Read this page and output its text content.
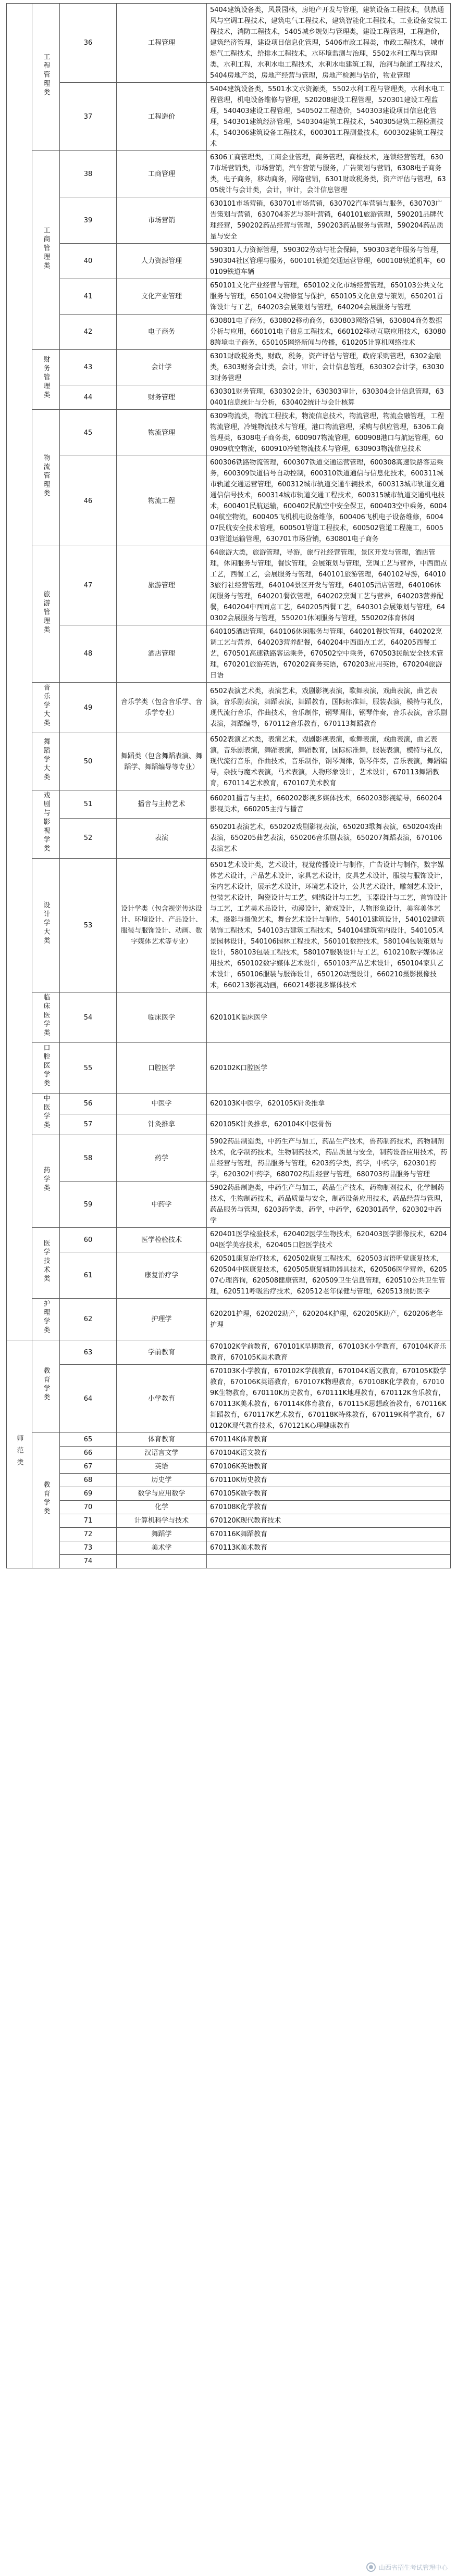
	工程管理类	36	工程管理	5404建筑设备类，风景园林，房地产开发与管理，建筑设备工程技术，供热通风与空调工程技术，建筑电气工程技术，建筑智能化工程技术，工业设备安装工程技术，消防工程技术，5405城乡规划与管理类，建设工程管理，工程造价，建筑经济管理，建设项目信息化管理，5406市政工程类，市政工程技术，城市燃气工程技术，给排水工程技术，水环境监测与治理，5502水利工程与管理类，水利工程，水利水电工程技术，水利水电建筑工程，治河与航道工程技术，5404房地产类，房地产经营与管理，房地产检测与估价，物业管理
		37	工程造价	5404建筑设备类，5501水文水资源类，5502水利工程与管理类，水利水电工程管理，机电设备维修与管理，520208建设工程管理，520301建设工程监理，540403建设工程管理，540502工程造价，540303建设项目信息化管理，540301建筑经济管理，540304建筑工程技术，540305建筑工程检测技术，540306建筑设备工程技术，600301工程测量技术，600302建筑工程技术
	工商管理类	38	工商管理	6306工商管理类，工商企业管理，商务管理，商检技术，连锁经营管理，6307市场营销类，市场营销，汽车营销与服务，广告策划与营销，6308电子商务类，电子商务，移动商务，网络营销，6301财政税务类，资产评估与管理，6305统计与会计类，会计，审计，会计信息管理
		39	市场营销	630101市场营销，630701市场营销，630702汽车营销与服务，630703广告策划与营销，630704茶艺与茶叶营销，640101旅游管理，590201品牌代理经营，590202药品经营与管理，590203药品服务与管理，590204药品质量与安全
		40	人力资源管理	590301人力资源管理，590302劳动与社会保障，590303老年服务与管理，590304社区管理与服务，600101铁道交通运营管理，600108铁道机车，600109铁道车辆
		41	文化产业管理	650101文化产业经营与管理，650102文化市场经营管理，650103公共文化服务与管理，650104文物修复与保护，650105文化创意与策划，650201首饰设计与工艺，640203会展策划与管理，640204会展服务与管理
		42	电子商务	630801电子商务，630802移动商务，630803网络营销，630804商务数据分析与应用，660101电子信息工程技术，660102移动互联应用技术，630808跨境电子商务，650105网络新闻与传播，610205计算机网络技术
	财务管理类	43	会计学	6301财政税务类，财政，税务，资产评估与管理，政府采购管理，6302金融类，6303财务会计类，会计，审计，会计信息管理，630302会计学，630303财务管理
		44	财务管理	630301财务管理，630302会计，630303审计，630304会计信息管理，630401信息统计与分析，630402统计与会计核算
	物流管理类	45	物流管理	6309物流类，物流工程技术，物流信息技术，物流管理，物流金融管理，工程物流管理，冷链物流技术与管理，港口物流管理，采购与供应管理，6306工商管理类，6308电子商务类，600907物流管理，600908港口与航运管理，600909航空物流，600910冷链物流技术与管理，630903物流信息技术
		46	物流工程	600306铁路物流管理，600307铁道交通运营管理，600308高速铁路客运乘务，600309铁道信号自动控制，600310铁道通信与信息化技术，600311城市轨道交通运营管理，600312城市轨道交通车辆技术，600313城市轨道交通通信信号技术，600314城市轨道交通工程技术，600315城市轨道交通机电技术，600401民航运输，600402民航空中安全保卫，600403空中乘务，600404航空物流，600405飞机机电设备维修，600406飞机电子设备维修，600407民航安全技术管理，600501管道工程技术，600502管道工程施工，600503管道运输管理，630701市场营销，630801电子商务
	旅游管理类	47	旅游管理	64旅游大类，旅游管理，导游，旅行社经营管理，景区开发与管理，酒店管理，休闲服务与管理，餐饮管理，会展策划与管理，烹调工艺与营养，中西面点工艺，西餐工艺，会展服务与管理，640101旅游管理，640102导游，640103旅行社经营管理，640104景区开发与管理，640105酒店管理，640106休闲服务与管理，640201餐饮管理，640202烹调工艺与营养，640203营养配餐，640204中西面点工艺，640205西餐工艺，640301会展策划与管理，640302会展服务与管理，550201休闲服务与管理，550202体育休闲
		48	酒店管理	640105酒店管理，640106休闲服务与管理，640201餐饮管理，640202烹调工艺与营养，640203营养配餐，640204中西面点工艺，640205西餐工艺，670501高速铁路客运乘务，670502空中乘务，670503民航安全技术管理，670201旅游英语，670202商务英语，670203应用英语，670204旅游日语
	音乐学大类	49	音乐学类（包含音乐学、音乐学专业）	6502表演艺术类，表演艺术，戏剧影视表演，歌舞表演，戏曲表演，曲艺表演，音乐剧表演，舞蹈表演，舞蹈教育，国际标准舞，服装表演，模特与礼仪，现代流行音乐，作曲技术，音乐制作，钢琴调律，钢琴伴奏，音乐表演，音乐剧表演，舞蹈编导，670112音乐教育，670113舞蹈教育
	舞蹈学大类	50	舞蹈类（包含舞蹈表演、舞蹈学、舞蹈编导等专业）	6502表演艺术类，表演艺术，戏剧影视表演，歌舞表演，戏曲表演，曲艺表演，音乐剧表演，舞蹈表演，舞蹈教育，国际标准舞，服装表演，模特与礼仪，现代流行音乐，作曲技术，音乐制作，钢琴调律，钢琴伴奏，音乐表演，舞蹈编导，杂技与魔术表演，马术表演，人物形象设计，艺术设计，670113舞蹈教育，670114艺术教育，670107美术教育
	戏剧与影视学类	51	播音与主持艺术	660201播音与主持，660202影视多媒体技术，660203影视编导，660204影视美术，660205主持与播音
		52	表演	650201表演艺术，650202戏剧影视表演，650203歌舞表演，650204戏曲表演，650205曲艺表演，650206音乐剧表演，650207舞蹈表演，670106表演艺术
	设计学大类	53	设计学类（包含视觉传达设计、环境设计、产品设计、服装与服饰设计、动画、数字媒体艺术等专业）	6501艺术设计类，艺术设计，视觉传播设计与制作，广告设计与制作，数字媒体艺术设计，产品艺术设计，家具艺术设计，皮具艺术设计，服装与服饰设计，室内艺术设计，展示艺术设计，环境艺术设计，公共艺术设计，雕刻艺术设计，包装艺术设计，陶瓷设计与工艺，刺绣设计与工艺，玉器设计与工艺，首饰设计与工艺，工艺美术品设计，动漫设计，游戏设计，人物形象设计，美容美体艺术，摄影与摄像艺术，舞台艺术设计与制作，540101建筑设计，540102建筑装饰工程技术，540103古建筑工程技术，540104建筑室内设计，540105风景园林设计，540106园林工程技术，560101数控技术，580104包装策划与设计，580103包装工程技术，580107服装设计与工艺，610210数字媒体应用技术，650102数字媒体艺术设计，650103产品艺术设计，650104家具艺术设计，650106服装与服饰设计，650120动漫设计，660210摄影摄像技术，660213影视动画，660214影视多媒体技术
	临床医学类	54	临床医学	620101K临床医学
	口腔医学类	55	口腔医学	620102K口腔医学
	中医学类	56	中医学	620103K中医学，620105K针灸推拿
		57	针灸推拿	620105K针灸推拿，620104K中医骨伤
	药学类	58	药学	5902药品制造类，中药生产与加工，药品生产技术，兽药制药技术，药物制剂技术，化学制药技术，生物制药技术，药品质量与安全，制药设备应用技术，药品经营与管理，药品服务与管理，6203药学类，药学，中药学，620301药学，620302中药学，680702药品经营与管理，680703药品服务与管理
		59	中药学	5902药品制造类，中药生产与加工，药品生产技术，药物制剂技术，化学制药技术，生物制药技术，药品质量与安全，制药设备应用技术，药品经营与管理，药品服务与管理，6203药学类，药学，中药学，620301药学，620302中药学
	医学技术类	60	医学检验技术	620401医学检验技术，620402医学生物技术，620403医学影像技术，620404医学美容技术，620405口腔医学技术
		61	康复治疗学	620501康复治疗技术，620502康复工程技术，620503言语听觉康复技术，620504中医康复技术，620505康复辅助器具技术，620506医学营养，620507心理咨询，620508健康管理，620509卫生信息管理，620510公共卫生管理，620511呼吸治疗技术，620512老年保健与管理，620513预防医学
	护理学类	62	护理学	620201护理，620202助产，620204K护理，620205K助产，620206老年护理
师范类	教育学类	63	学前教育	670102K学前教育，670101K早期教育，670103K小学教育，670104K音乐教育，670105K美术教育
		64	小学教育	670103K小学教育，670102K学前教育，670104K语文教育，670105K数学教育，670106K英语教育，670107K物理教育，670108K化学教育，670109K生物教育，670110K历史教育，670111K地理教育，670112K音乐教育，670113K美术教育，670114K体育教育，670115K思想政治教育，670116K舞蹈教育，670117K艺术教育，670118K特殊教育，670119K科学教育，670120K现代教育技术，670121K心理健康教育
	教育学类	65	体育教育	670114K体育教育
		66	汉语言文学	670104K语文教育
		67	英语	670106K英语教育
		68	历史学	670110K历史教育
		69	数学与应用数学	670105K数学教育
		70	化学	670108K化学教育
		71	计算机科学与技术	670120K现代教育技术
		72	舞蹈学	670116K舞蹈教育
		73	美术学	670113K美术教育
		74		
山西省招生考试管理中心
